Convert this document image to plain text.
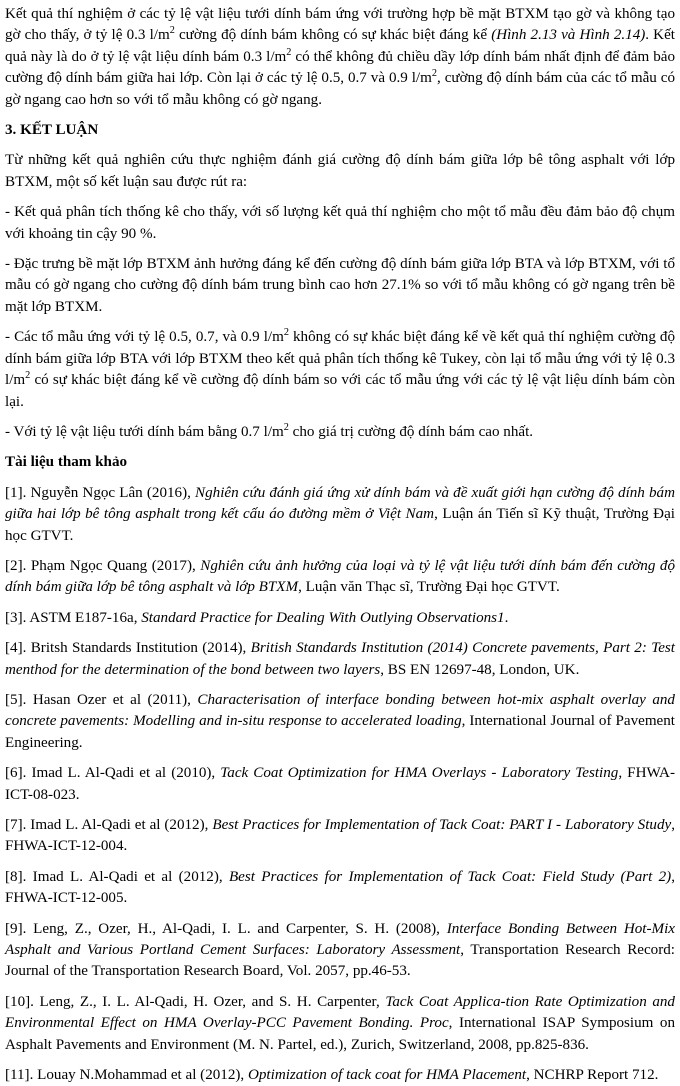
Kết quả thí nghiệm ở các tỷ lệ vật liệu tưới dính bám ứng với trường hợp bề mặt BTXM tạo gờ và không tạo gờ cho thấy, ở tỷ lệ 0.3 $l/m^2$ cường độ dính bám không có sự khác biệt đáng kể (Hình 2.13 và Hình 2.14). Kết quả này là do ở tỷ lệ vật liệu dính bám 0.3 $l/m^2$ có thể không đủ chiều dầy lớp dính bám nhất định để đảm bảo cường độ dính bám giữa hai lớp. Còn lại ở các tỷ lệ 0.5, 0.7 và 0.9 $l/m^2$, cường độ dính bám của các tổ mẫu có gờ ngang cao hơn so với tổ mẫu không có gờ ngang.

3. KẾT LUẬN

Từ những kết quả nghiên cứu thực nghiệm đánh giá cường độ dính bám giữa lớp bê tông asphalt với lớp BTXM, một số kết luận sau được rút ra:

- Kết quả phân tích thống kê cho thấy, với số lượng kết quả thí nghiệm cho một tổ mẫu đều đảm bảo độ chụm với khoảng tin cậy 90 %.

- Đặc trưng bề mặt lớp BTXM ảnh hưởng đáng kể đến cường độ dính bám giữa lớp BTA và lớp BTXM, với tổ mẫu có gờ ngang cho cường độ dính bám trung bình cao hơn 27.1% so với tổ mẫu không có gờ ngang trên bề mặt lớp BTXM.

- Các tổ mẫu ứng với tỷ lệ 0.5, 0.7, và 0.9 $l/m^2$ không có sự khác biệt đáng kể về kết quả thí nghiệm cường độ dính bám giữa lớp BTA với lớp BTXM theo kết quả phân tích thống kê Tukey, còn lại tổ mẫu ứng với tỷ lệ 0.3 $l/m^2$ có sự khác biệt đáng kể về cường độ dính bám so với các tổ mẫu ứng với các tỷ lệ vật liệu dính bám còn lại.

- Với tỷ lệ vật liệu tưới dính bám bằng 0.7 $l/m^2$ cho giá trị cường độ dính bám cao nhất.

Tài liệu tham khảo
[1]. Nguyễn Ngọc Lân (2016), Nghiên cứu đánh giá ứng xử dính bám và đề xuất giới hạn cường độ dính bám giữa hai lớp bê tông asphalt trong kết cấu áo đường mềm ở Việt Nam, Luận án Tiến sĩ Kỹ thuật, Trường Đại học GTVT.
[2]. Phạm Ngọc Quang (2017), Nghiên cứu ảnh hưởng của loại và tỷ lệ vật liệu tưới dính bám đến cường độ dính bám giữa lớp bê tông asphalt và lớp BTXM, Luận văn Thạc sĩ, Trường Đại học GTVT.
[3]. ASTM E187-16a, Standard Practice for Dealing With Outlying Observations1.
[4]. Britsh Standards Institution (2014), British Standards Institution (2014) Concrete pavements, Part 2: Test menthod for the determination of the bond between two layers, BS EN 12697-48, London, UK.
[5]. Hasan Ozer et al (2011), Characterisation of interface bonding between hot-mix asphalt overlay and concrete pavements: Modelling and in-situ response to accelerated loading, International Journal of Pavement Engineering.
[6]. Imad L. Al-Qadi et al (2010), Tack Coat Optimization for HMA Overlays - Laboratory Testing, FHWA-ICT-08-023.
[7]. Imad L. Al-Qadi et al (2012), Best Practices for Implementation of Tack Coat: PART I - Laboratory Study, FHWA-ICT-12-004.
[8]. Imad L. Al-Qadi et al (2012), Best Practices for Implementation of Tack Coat: Field Study (Part 2), FHWA-ICT-12-005.
[9]. Leng, Z., Ozer, H., Al-Qadi, I. L. and Carpenter, S. H. (2008), Interface Bonding Between Hot-Mix Asphalt and Various Portland Cement Surfaces: Laboratory Assessment, Transportation Research Record: Journal of the Transportation Research Board, Vol. 2057, pp.46-53.
[10]. Leng, Z., I. L. Al-Qadi, H. Ozer, and S. H. Carpenter, Tack Coat Applica-tion Rate Optimization and Environmental Effect on HMA Overlay-PCC Pavement Bonding. Proc, International ISAP Symposium on Asphalt Pavements and Environment (M. N. Partel, ed.), Zurich, Switzerland, 2008, pp.825-836.
[11]. Louay N.Mohammad et al (2012), Optimization of tack coat for HMA Placement, NCHRP Report 712.
